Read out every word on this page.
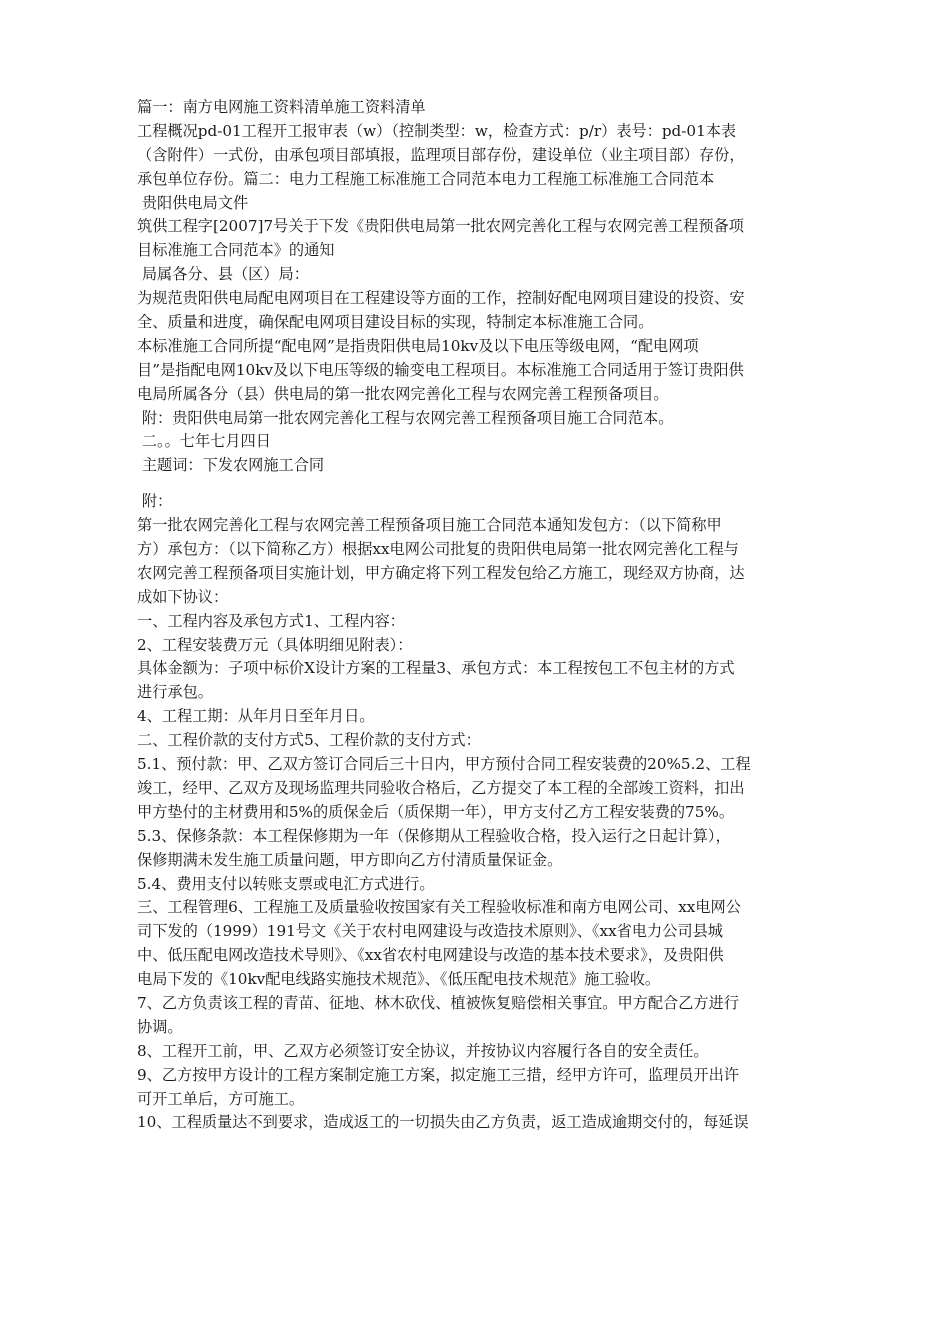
篇一：南方电网施工资料清单施工资料清单
工程概况pd-01工程开工报审表（w）（控制类型：w，检查方式：p/r）表号：pd-01本表
（含附件）一式份，由承包项目部填报，监理项目部存份，建设单位（业主项目部）存份，
承包单位存份。篇二：电力工程施工标准施工合同范本电力工程施工标准施工合同范本
贵阳供电局文件
筑供工程字[2007]7号关于下发《贵阳供电局第一批农网完善化工程与农网完善工程预备项
目标准施工合同范本》的通知
局属各分、县（区）局：
为规范贵阳供电局配电网项目在工程建设等方面的工作，控制好配电网项目建设的投资、安
全、质量和进度，确保配电网项目建设目标的实现，特制定本标准施工合同。
本标准施工合同所提“配电网”是指贵阳供电局10kv及以下电压等级电网，“配电网项
目”是指配电网10kv及以下电压等级的输变电工程项目。本标准施工合同适用于签订贵阳供
电局所属各分（县）供电局的第一批农网完善化工程与农网完善工程预备项目。
附：贵阳供电局第一批农网完善化工程与农网完善工程预备项目施工合同范本。
二。。七年七月四日
主题词：下发农网施工合同
附：
第一批农网完善化工程与农网完善工程预备项目施工合同范本通知发包方：（以下简称甲
方）承包方：（以下简称乙方）根据xx电网公司批复的贵阳供电局第一批农网完善化工程与
农网完善工程预备项目实施计划，甲方确定将下列工程发包给乙方施工，现经双方协商，达
成如下协议：
一、工程内容及承包方式1、工程内容：
2、工程安装费万元（具体明细见附表）：
具体金额为：子项中标价X设计方案的工程量3、承包方式：本工程按包工不包主材的方式
进行承包。
4、工程工期：从年月日至年月日。
二、工程价款的支付方式5、工程价款的支付方式：
5.1、预付款：甲、乙双方签订合同后三十日内，甲方预付合同工程安装费的20%5.2、工程
竣工，经甲、乙双方及现场监理共同验收合格后，乙方提交了本工程的全部竣工资料，扣出
甲方垫付的主材费用和5%的质保金后（质保期一年），甲方支付乙方工程安装费的75%。
5.3、保修条款：本工程保修期为一年（保修期从工程验收合格，投入运行之日起计算），
保修期满未发生施工质量问题，甲方即向乙方付清质量保证金。
5.4、费用支付以转账支票或电汇方式进行。
三、工程管理6、工程施工及质量验收按国家有关工程验收标准和南方电网公司、xx电网公
司下发的（1999）191号文《关于农村电网建设与改造技术原则》、《xx省电力公司县城
中、低压配电网改造技术导则》、《xx省农村电网建设与改造的基本技术要求》，及贵阳供
电局下发的《10kv配电线路实施技术规范》、《低压配电技术规范》施工验收。
7、乙方负责该工程的青苗、征地、林木砍伐、植被恢复赔偿相关事宜。甲方配合乙方进行
协调。
8、工程开工前，甲、乙双方必须签订安全协议，并按协议内容履行各自的安全责任。
9、乙方按甲方设计的工程方案制定施工方案，拟定施工三措，经甲方许可，监理员开出许
可开工单后，方可施工。
10、工程质量达不到要求，造成返工的一切损失由乙方负责，返工造成逾期交付的，每延误
